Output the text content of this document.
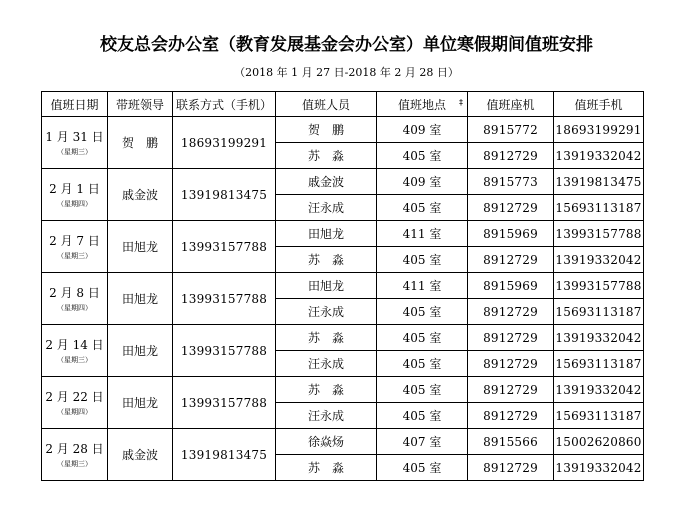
校友总会办公室（教育发展基金会办公室）单位寒假期间值班安排
（2018 年 1 月 27 日-2018 年 2 月 28 日）
值班日期	带班领导	联系方式（手机）	值班人员	值班地点 ‡	值班座机	值班手机

1 月 31 日
（星期三）	贺　鹏	18693199291	贺　鹏	409 室	8915772	18693199291
			苏　淼	405 室	8912729	13919332042

2 月 1 日
（星期四）	戚金波	13919813475	戚金波	409 室	8915773	13919813475
			汪永成	405 室	8912729	15693113187

2 月 7 日
（星期三）	田旭龙	13993157788	田旭龙	411 室	8915969	13993157788
			苏　淼	405 室	8912729	13919332042

2 月 8 日
（星期四）	田旭龙	13993157788	田旭龙	411 室	8915969	13993157788
			汪永成	405 室	8912729	15693113187

2 月 14 日
（星期三）	田旭龙	13993157788	苏　淼	405 室	8912729	13919332042
			汪永成	405 室	8912729	15693113187

2 月 22 日
（星期四）	田旭龙	13993157788	苏　淼	405 室	8912729	13919332042
			汪永成	405 室	8912729	15693113187

2 月 28 日
（星期三）	戚金波	13919813475	徐焱炀	407 室	8915566	15002620860
			苏　淼	405 室	8912729	13919332042
